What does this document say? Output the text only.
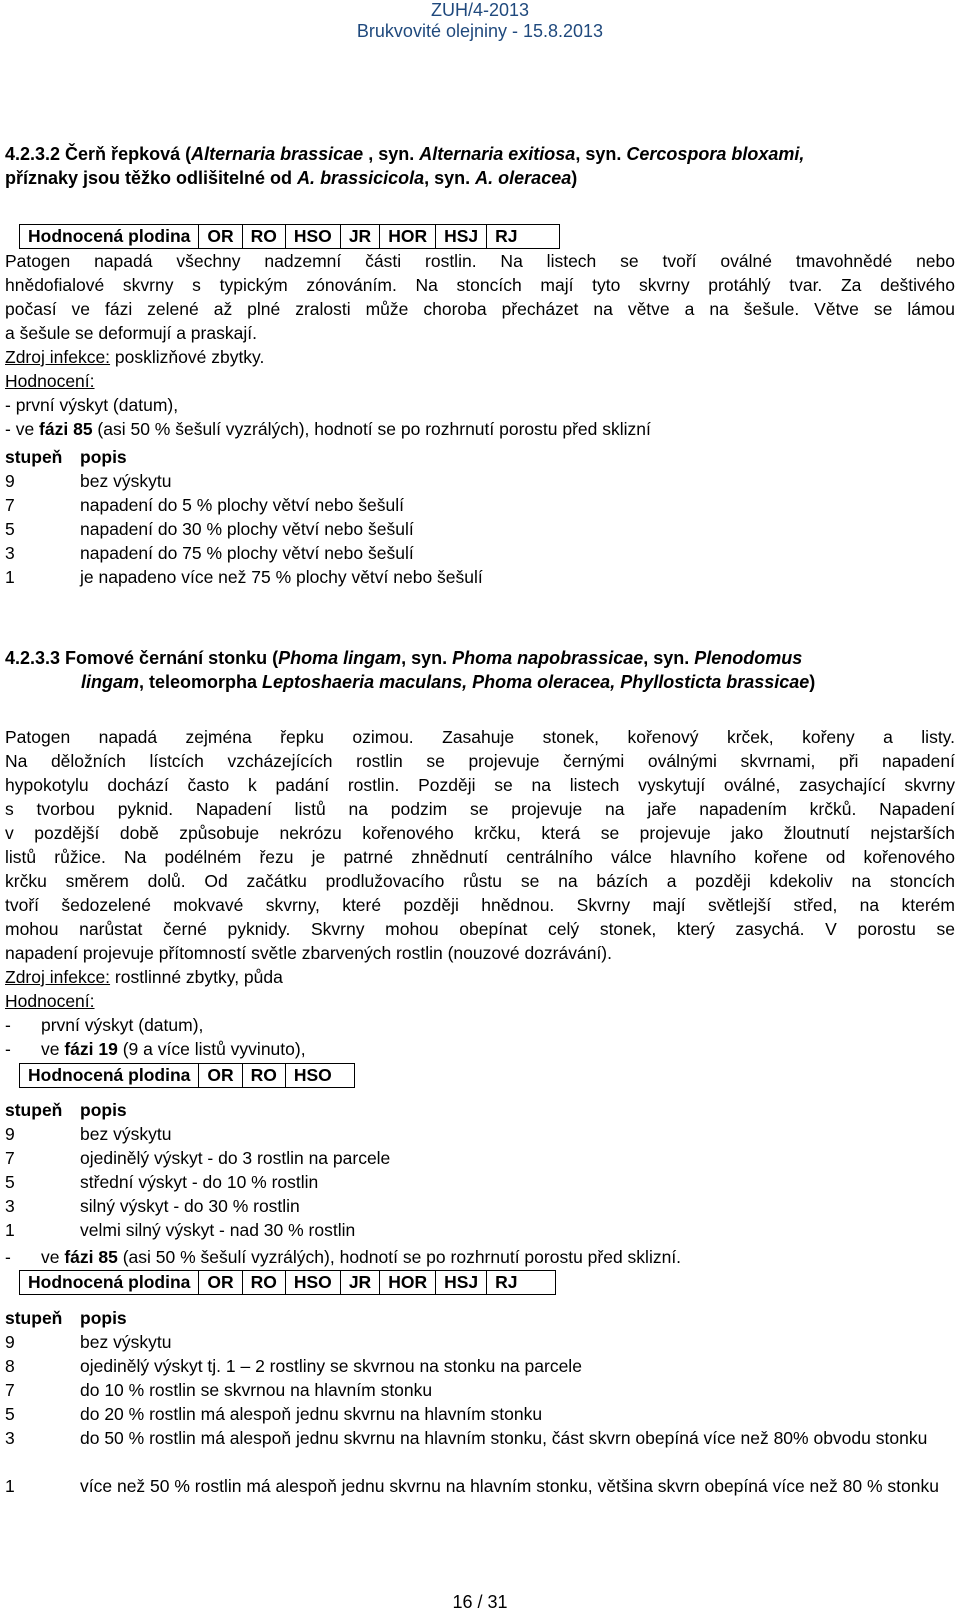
ZUH/4-2013
Brukvovité olejniny - 15.8.2013
4.2.3.2 Čerň řepková (Alternaria brassicae , syn. Alternaria exitiosa, syn. Cercospora bloxami,
příznaky jsou těžko odlišitelné od A. brassicicola, syn. A. oleracea)
Hodnocená plodina	OR	RO	HSO	JR	HOR	HSJ	RJ
Patogen napadá všechny nadzemní části rostlin. Na listech se tvoří oválné tmavohnědé nebo
hnědofialové skvrny s typickým zónováním. Na stoncích mají tyto skvrny protáhlý tvar. Za deštivého
počasí ve fázi zelené až plné zralosti může choroba přecházet na větve a na šešule. Větve se lámou
a šešule se deformují a praskají.
Zdroj infekce: posklizňové zbytky.
Hodnocení:
- první výskyt (datum),
- ve fázi 85 (asi 50 % šešulí vyzrálých), hodnotí se po rozhrnutí porostu před sklizní
stupeň popis
9	bez výskytu
7	napadení do 5 % plochy větví nebo šešulí
5	napadení do 30 % plochy větví nebo šešulí
3	napadení do 75 % plochy větví nebo šešulí
1	je napadeno více než 75 % plochy větví nebo šešulí
4.2.3.3 Fomové černání stonku (Phoma lingam, syn. Phoma napobrassicae, syn. Plenodomus
lingam, teleomorpha Leptoshaeria maculans, Phoma oleracea, Phyllosticta brassicae)
Patogen napadá zejména řepku ozimou. Zasahuje stonek, kořenový krček, kořeny a listy.
Na děložních lístcích vzcházejících rostlin se projevuje černými oválnými skvrnami, při napadení
hypokotylu dochází často k padání rostlin. Později se na listech vyskytují oválné, zasychající skvrny
s tvorbou pyknid. Napadení listů na podzim se projevuje na jaře napadením krčků. Napadení
v pozdější době způsobuje nekrózu kořenového krčku, která se projevuje jako žloutnutí nejstarších
listů růžice. Na podélném řezu je patrné zhnědnutí centrálního válce hlavního kořene od kořenového
krčku směrem dolů. Od začátku prodlužovacího růstu se na bázích a později kdekoliv na stoncích
tvoří šedozelené mokvavé skvrny, které později hnědnou. Skvrny mají světlejší střed, na kterém
mohou narůstat černé pyknidy. Skvrny mohou obepínat celý stonek, který zasychá. V porostu se
napadení projevuje přítomností světle zbarvených rostlin (nouzové dozrávání).
Zdroj infekce: rostlinné zbytky, půda
Hodnocení:
- první výskyt (datum),
- ve fázi 19 (9 a více listů vyvinuto),
Hodnocená plodina	OR	RO	HSO
stupeň popis
9	bez výskytu
7	ojedinělý výskyt - do 3 rostlin na parcele
5	střední výskyt - do 10 % rostlin
3	silný výskyt - do 30 % rostlin
1	velmi silný výskyt - nad 30 % rostlin
- ve fázi 85 (asi 50 % šešulí vyzrálých), hodnotí se po rozhrnutí porostu před sklizní.
Hodnocená plodina	OR	RO	HSO	JR	HOR	HSJ	RJ
stupeň popis
9	bez výskytu
8	ojedinělý výskyt tj. 1 – 2 rostliny se skvrnou na stonku na parcele
7	do 10 % rostlin se skvrnou na hlavním stonku
5	do 20 % rostlin má alespoň jednu skvrnu na hlavním stonku
3	do 50 % rostlin má alespoň jednu skvrnu na hlavním stonku, část skvrn obepíná více než 80% obvodu stonku
1	více než 50 % rostlin má alespoň jednu skvrnu na hlavním stonku, většina skvrn obepíná více než 80 % stonku
16 / 31
